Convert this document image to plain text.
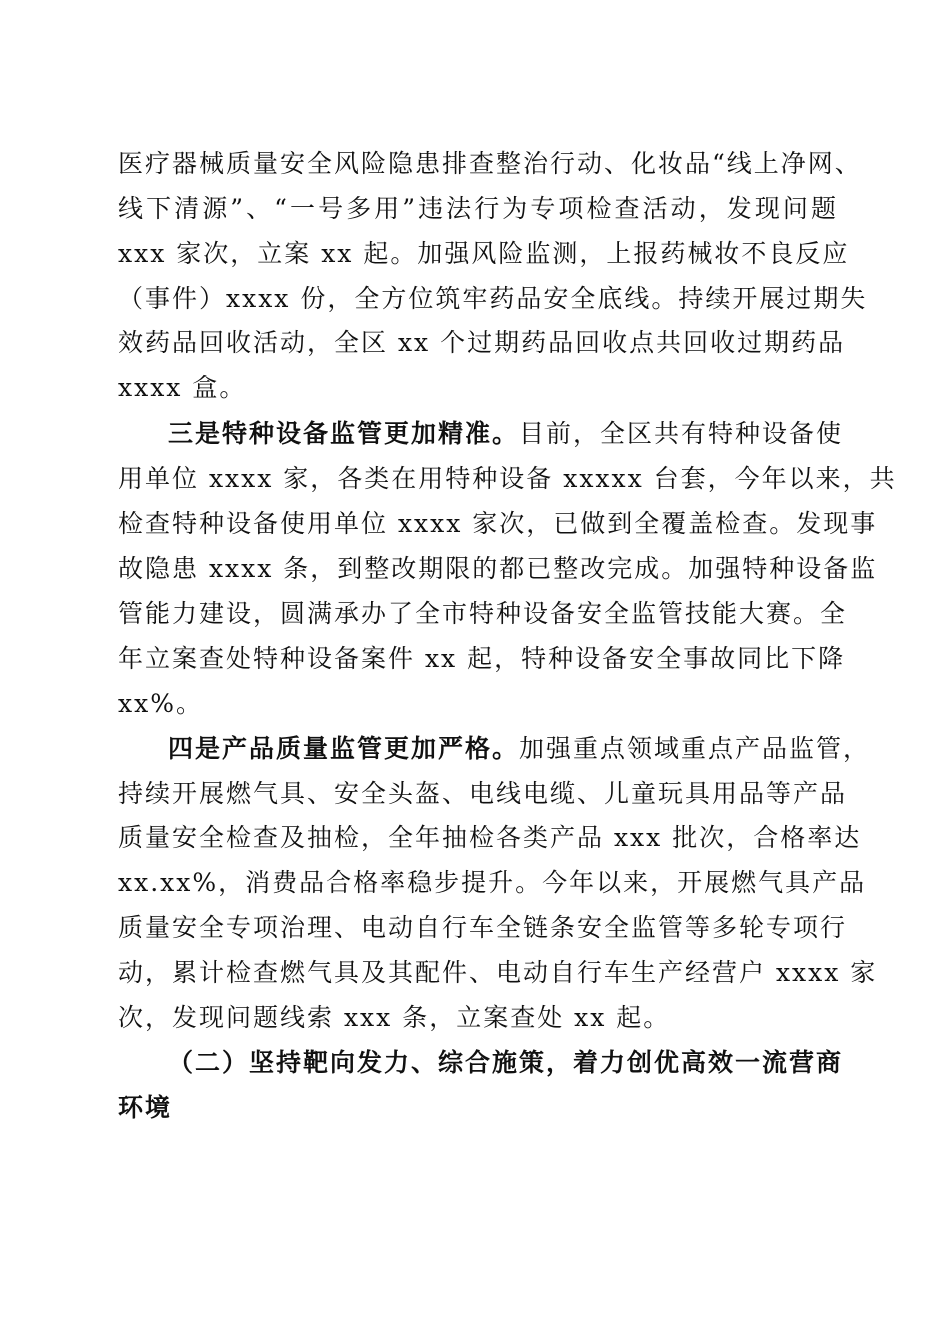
医疗器械质量安全风险隐患排查整治行动、化妆品“线上净网、
线下清源”、“一号多用”违法行为专项检查活动，发现问题
xxx 家次，立案 xx 起。加强风险监测，上报药械妆不良反应
（事件）xxxx 份，全方位筑牢药品安全底线。持续开展过期失
效药品回收活动，全区 xx 个过期药品回收点共回收过期药品
xxxx 盒。
三是特种设备监管更加精准。目前，全区共有特种设备使
用单位 xxxx 家，各类在用特种设备 xxxxx 台套，今年以来，共
检查特种设备使用单位 xxxx 家次，已做到全覆盖检查。发现事
故隐患 xxxx 条，到整改期限的都已整改完成。加强特种设备监
管能力建设，圆满承办了全市特种设备安全监管技能大赛。全
年立案查处特种设备案件 xx 起，特种设备安全事故同比下降
xx%。
四是产品质量监管更加严格。加强重点领域重点产品监管，
持续开展燃气具、安全头盔、电线电缆、儿童玩具用品等产品
质量安全检查及抽检，全年抽检各类产品 xxx 批次，合格率达
xx.xx%，消费品合格率稳步提升。今年以来，开展燃气具产品
质量安全专项治理、电动自行车全链条安全监管等多轮专项行
动，累计检查燃气具及其配件、电动自行车生产经营户 xxxx 家
次，发现问题线索 xxx 条，立案查处 xx 起。
（二）坚持靶向发力、综合施策，着力创优高效一流营商
环境
